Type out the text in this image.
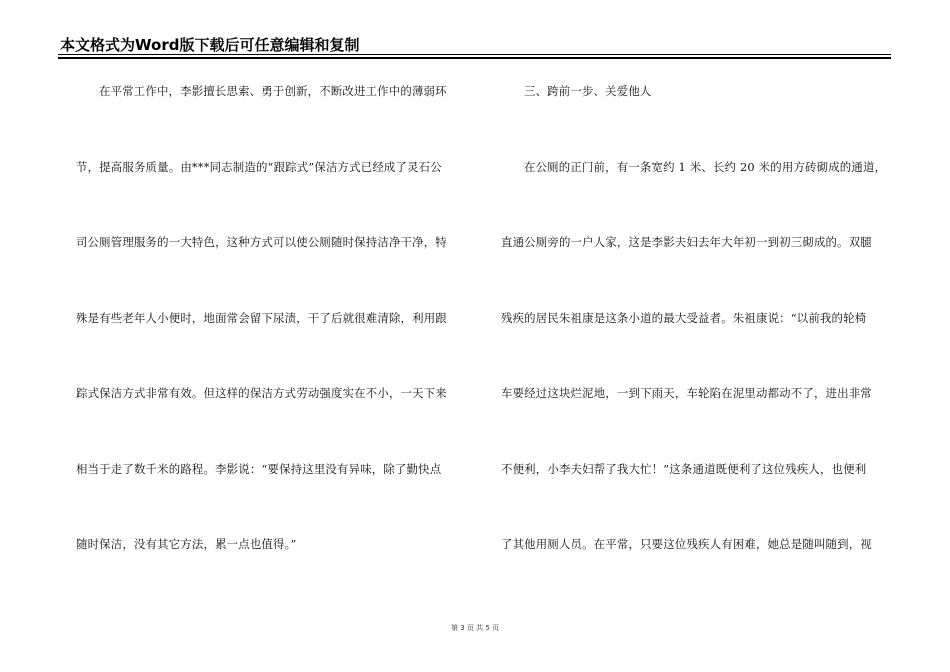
本文格式为Word版下载后可任意编辑和复制
在平常工作中，李影擅长思索、勇于创新，不断改进工作中的薄弱环
节，提高服务质量。由***同志制造的“跟踪式”保洁方式已经成了灵石公
司公厕管理服务的一大特色，这种方式可以使公厕随时保持洁净干净，特
殊是有些老年人小便时，地面常会留下尿渍，干了后就很难清除，利用跟
踪式保洁方式非常有效。但这样的保洁方式劳动强度实在不小，一天下来
相当于走了数千米的路程。李影说：“要保持这里没有异味，除了勤快点
随时保洁，没有其它方法，累一点也值得。”
三、跨前一步、关爱他人
在公厕的正门前，有一条宽约 1 米、长约 20 米的用方砖砌成的通道，
直通公厕旁的一户人家，这是李影夫妇去年大年初一到初三砌成的。双腿
残疾的居民朱祖康是这条小道的最大受益者。朱祖康说：“以前我的轮椅
车要经过这块烂泥地，一到下雨天，车轮陷在泥里动都动不了，进出非常
不便利，小李夫妇帮了我大忙！”这条通道既便利了这位残疾人，也便利
了其他用厕人员。在平常，只要这位残疾人有困难，她总是随叫随到，视
第 3 页 共 5 页
